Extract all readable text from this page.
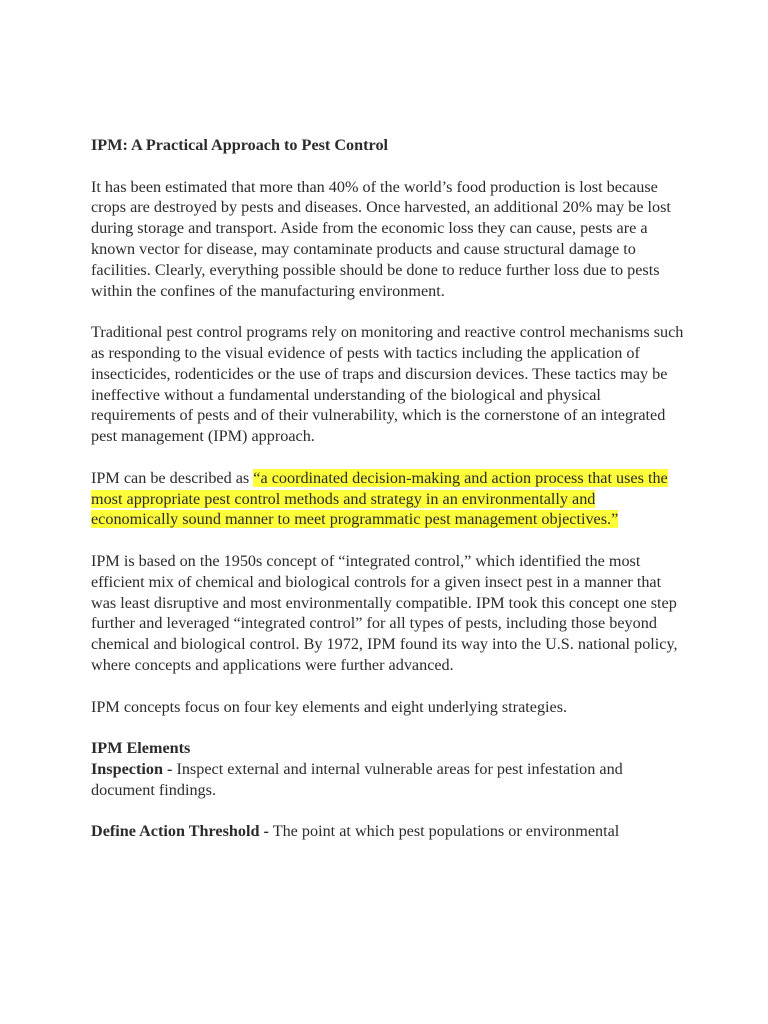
IPM: A Practical Approach to Pest Control

It has been estimated that more than 40% of the world’s food production is lost because crops are destroyed by pests and diseases. Once harvested, an additional 20% may be lost during storage and transport. Aside from the economic loss they can cause, pests are a known vector for disease, may contaminate products and cause structural damage to facilities. Clearly, everything possible should be done to reduce further loss due to pests within the confines of the manufacturing environment.

Traditional pest control programs rely on monitoring and reactive control mechanisms such as responding to the visual evidence of pests with tactics including the application of insecticides, rodenticides or the use of traps and discursion devices. These tactics may be ineffective without a fundamental understanding of the biological and physical requirements of pests and of their vulnerability, which is the cornerstone of an integrated pest management (IPM) approach.

IPM can be described as “a coordinated decision-making and action process that uses the most appropriate pest control methods and strategy in an environmentally and economically sound manner to meet programmatic pest management objectives.”

IPM is based on the 1950s concept of “integrated control,” which identified the most efficient mix of chemical and biological controls for a given insect pest in a manner that was least disruptive and most environmentally compatible. IPM took this concept one step further and leveraged “integrated control” for all types of pests, including those beyond chemical and biological control. By 1972, IPM found its way into the U.S. national policy, where concepts and applications were further advanced.

IPM concepts focus on four key elements and eight underlying strategies.

IPM Elements

Inspection - Inspect external and internal vulnerable areas for pest infestation and document findings.

Define Action Threshold - The point at which pest populations or environmental
